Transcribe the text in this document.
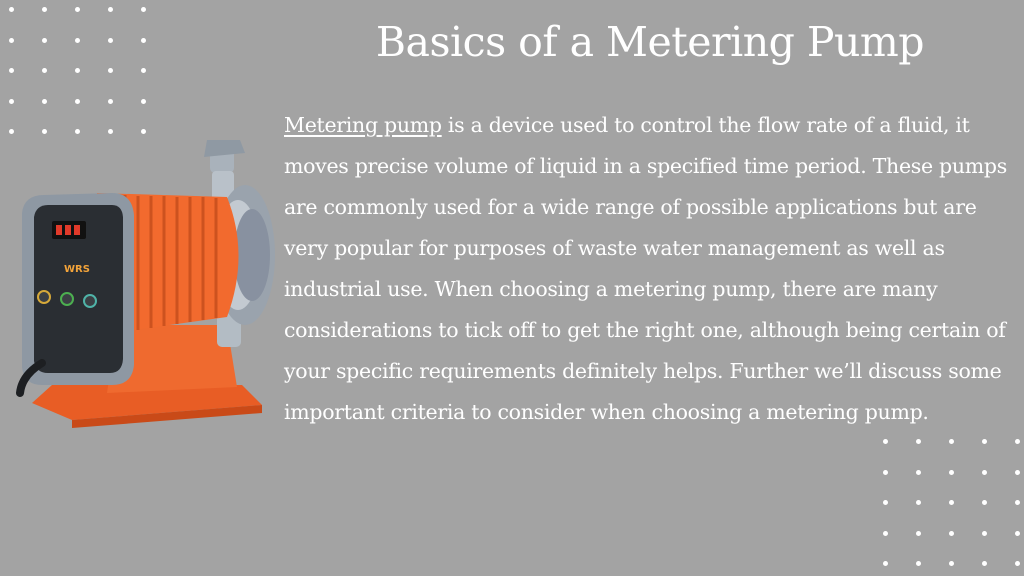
Basics of a Metering Pump
WRS
Metering pump is a device used to control the flow rate of a fluid, it moves precise volume of liquid in a specified time period. These pumps are commonly used for a wide range of possible applications but are very popular for purposes of waste water management as well as industrial use. When choosing a metering pump, there are many considerations to tick off to get the right one, although being certain of your specific requirements definitely helps. Further we’ll discuss some important criteria to consider when choosing a metering pump.
